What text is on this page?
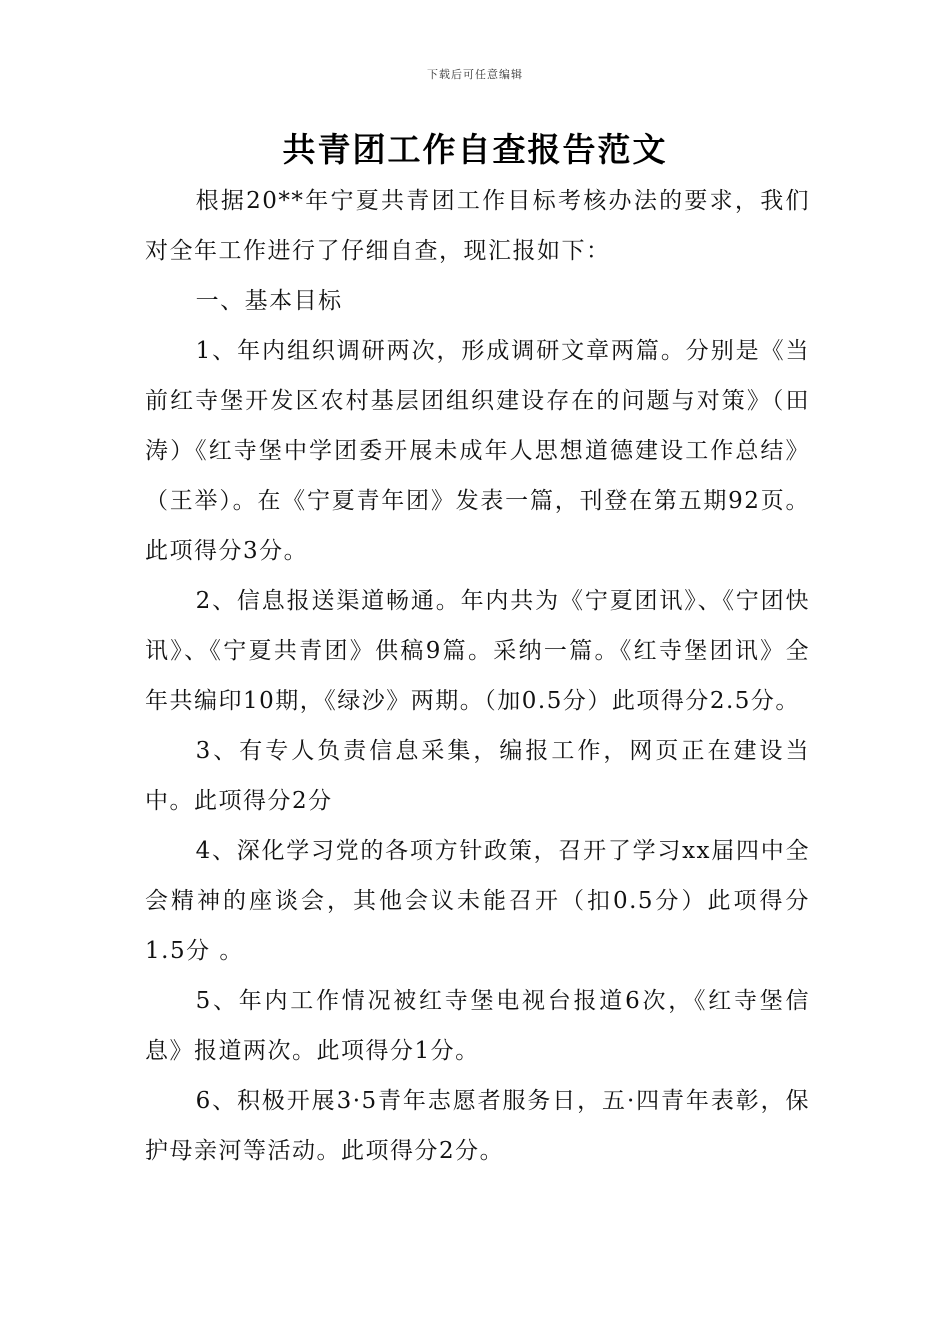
下载后可任意编辑
共青团工作自查报告范文

根据20**年宁夏共青团工作目标考核办法的要求，我们对全年工作进行了仔细自查，现汇报如下：

一、基本目标

1、年内组织调研两次，形成调研文章两篇。分别是《当前红寺堡开发区农村基层团组织建设存在的问题与对策》（田涛）《红寺堡中学团委开展未成年人思想道德建设工作总结》（王举）。在《宁夏青年团》发表一篇，刊登在第五期92页。此项得分3分。

2、信息报送渠道畅通。年内共为《宁夏团讯》、《宁团快讯》、《宁夏共青团》供稿9篇。采纳一篇。《红寺堡团讯》全年共编印10期，《绿沙》两期。（加0.5分）此项得分2.5分。

3、有专人负责信息采集，编报工作，网页正在建设当中。此项得分2分

4、深化学习党的各项方针政策，召开了学习xx届四中全会精神的座谈会，其他会议未能召开（扣0.5分）此项得分1.5分 。

5、年内工作情况被红寺堡电视台报道6次，《红寺堡信息》报道两次。此项得分1分。

6、积极开展3·5青年志愿者服务日，五·四青年表彰，保护母亲河等活动。此项得分2分。
